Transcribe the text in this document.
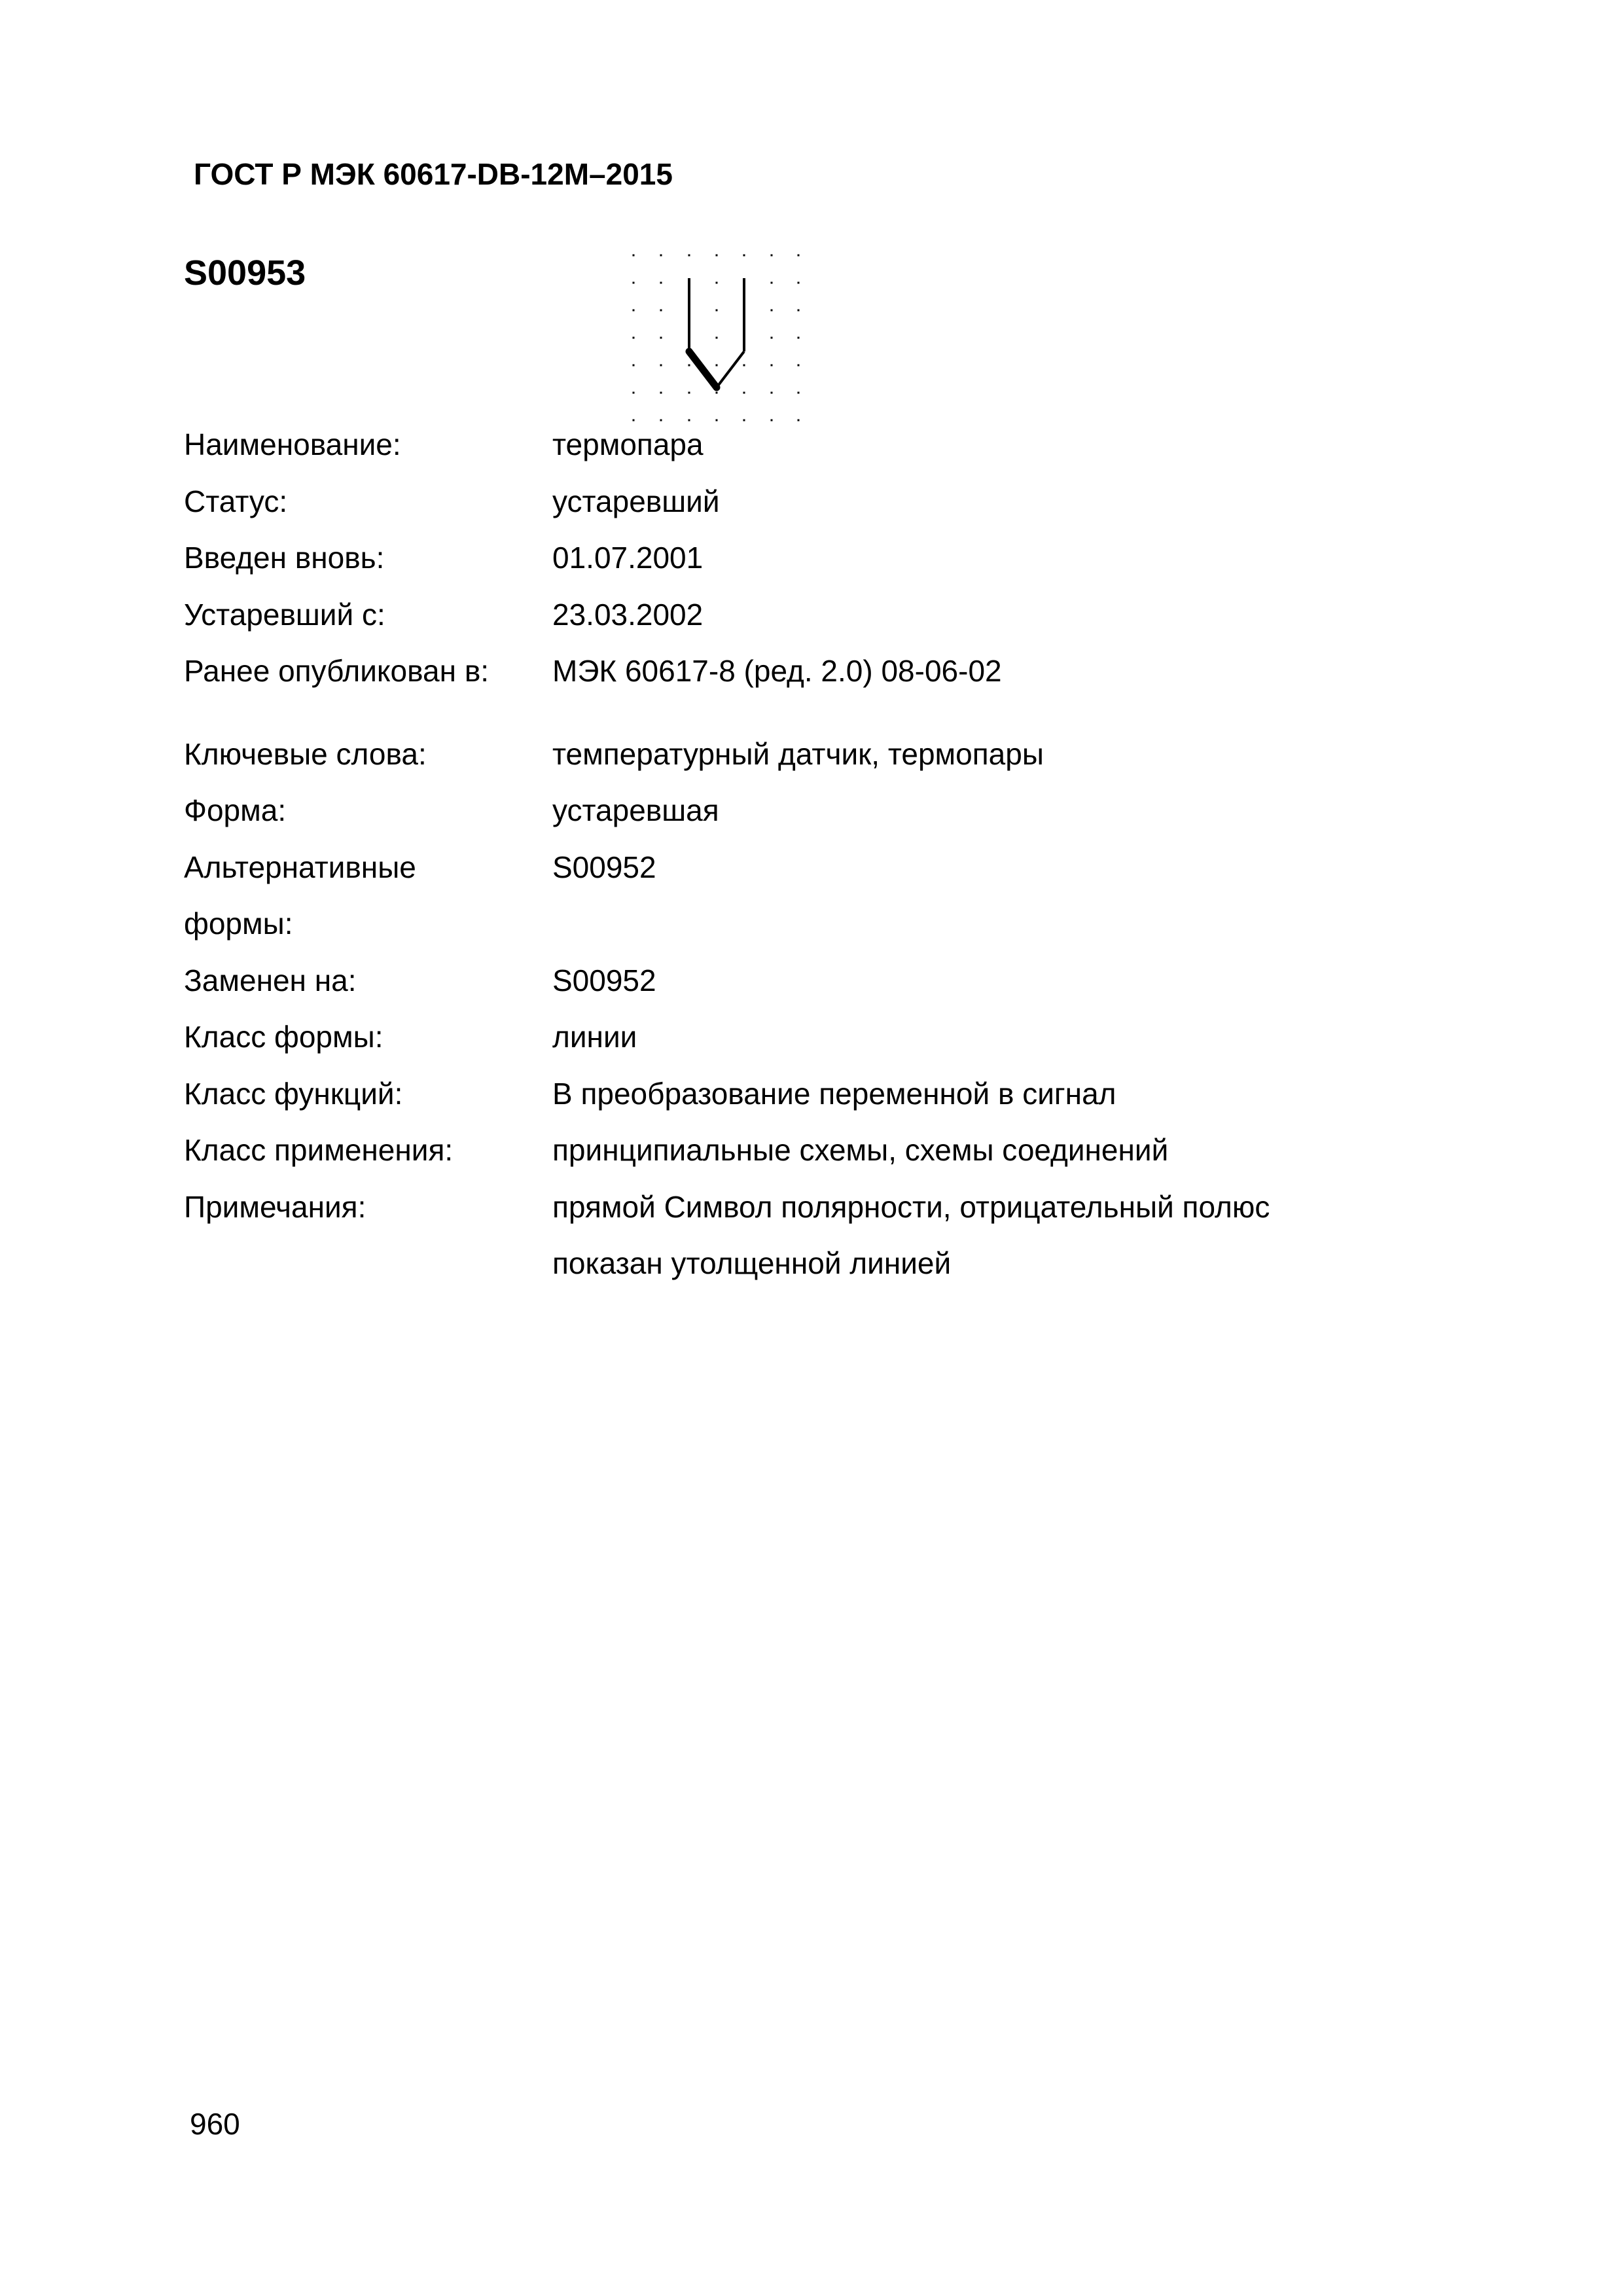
ГОСТ Р МЭК 60617-DB-12M–2015
S00953
Наименование:	термопара
Статус:	устаревший
Введен вновь:	01.07.2001
Устаревший с:	23.03.2002
Ранее опубликован в:	МЭК 60617-8 (ред. 2.0) 08-06-02
Ключевые слова:	температурный датчик, термопары
Форма:	устаревшая
Альтернативные	S00952
формы:
Заменен на:	S00952
Класс формы:	линии
Класс функций:	В преобразование переменной в сигнал
Класс применения:	принципиальные схемы, схемы соединений
Примечания:	прямой Символ полярности, отрицательный полюс
показан утолщенной линией
960
